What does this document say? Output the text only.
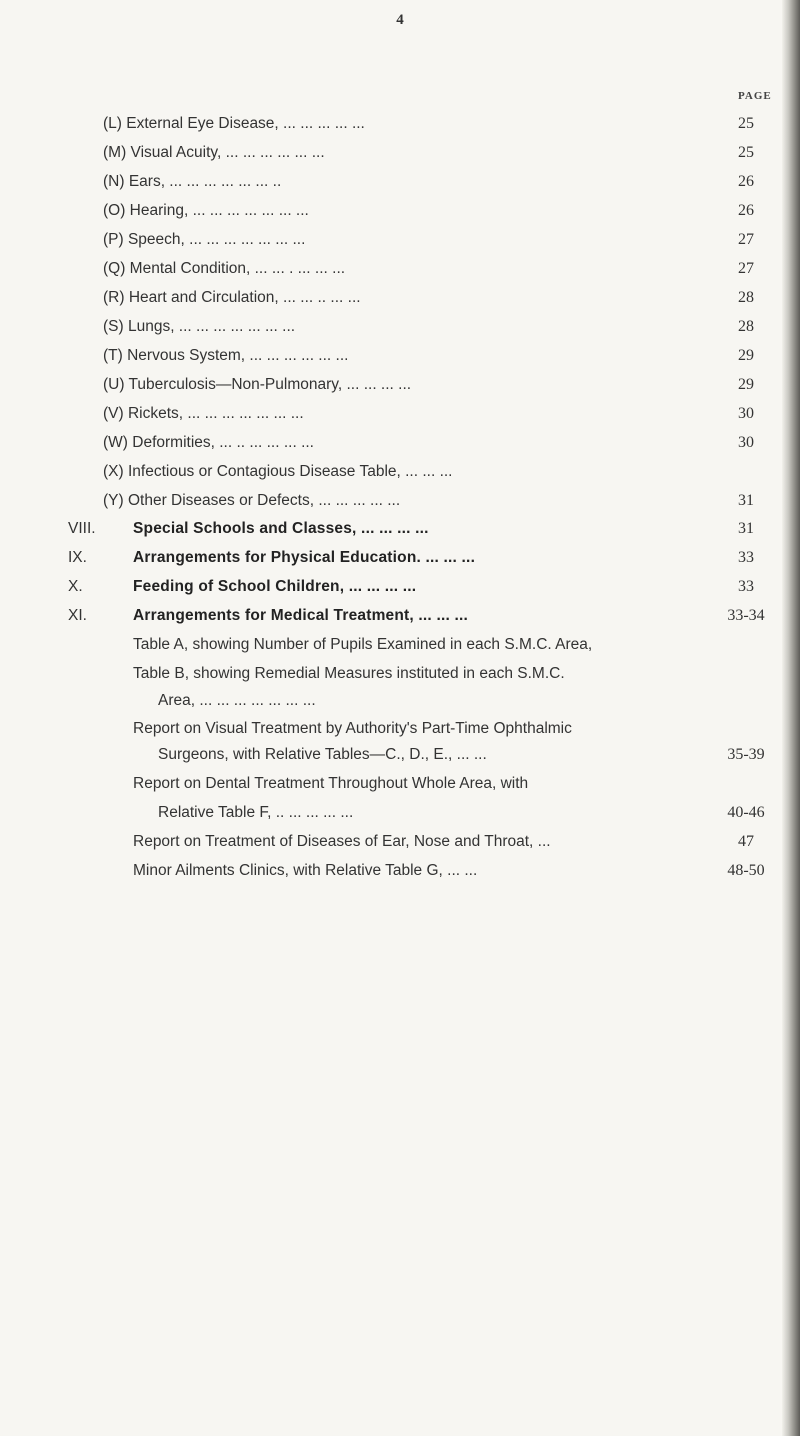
4
PAGE
(L) External Eye Disease, ... ... ... ... ...	25
(M) Visual Acuity, ... ... ... ... ... ...	25
(N) Ears, ... ... ... ... ... ... ..	26
(O) Hearing, ... ... ... ... ... ... ...	26
(P) Speech, ... ... ... ... ... ... ...	27
(Q) Mental Condition, ... ... . ... ... ...	27
(R) Heart and Circulation, ... ... .. ... ...	28
(S) Lungs, ... ... ... ... ... ... ...	28
(T) Nervous System, ... ... ... ... ... ...	29
(U) Tuberculosis—Non-Pulmonary, ... ... ... ...	29
(V) Rickets, ... ... ... ... ... ... ...	30
(W) Deformities, ... .. ... ... ... ...	30
(X) Infectious or Contagious Disease Table, ... ... ...
(Y) Other Diseases or Defects, ... ... ... ... ...	31
VIII. Special Schools and Classes, ... ... ... ...	31
IX.	Arrangements for Physical Education. ... ... ...	33
X.	Feeding of School Children, ... ... ... ...	33
XI.	Arrangements for Medical Treatment, ... ... ...	33-34
Table A, showing Number of Pupils Examined in each S.M.C. Area,
Table B, showing Remedial Measures instituted in each S.M.C.
Area, ... ... ... ... ... ... ...
Report on Visual Treatment by Authority's Part-Time Ophthalmic
Surgeons, with Relative Tables—C., D., E., ... ...	35-39
Report on Dental Treatment Throughout Whole Area, with
Relative Table F, .. ... ... ... ...	40-46
Report on Treatment of Diseases of Ear, Nose and Throat, ...	47
Minor Ailments Clinics, with Relative Table G, ... ...	48-50
